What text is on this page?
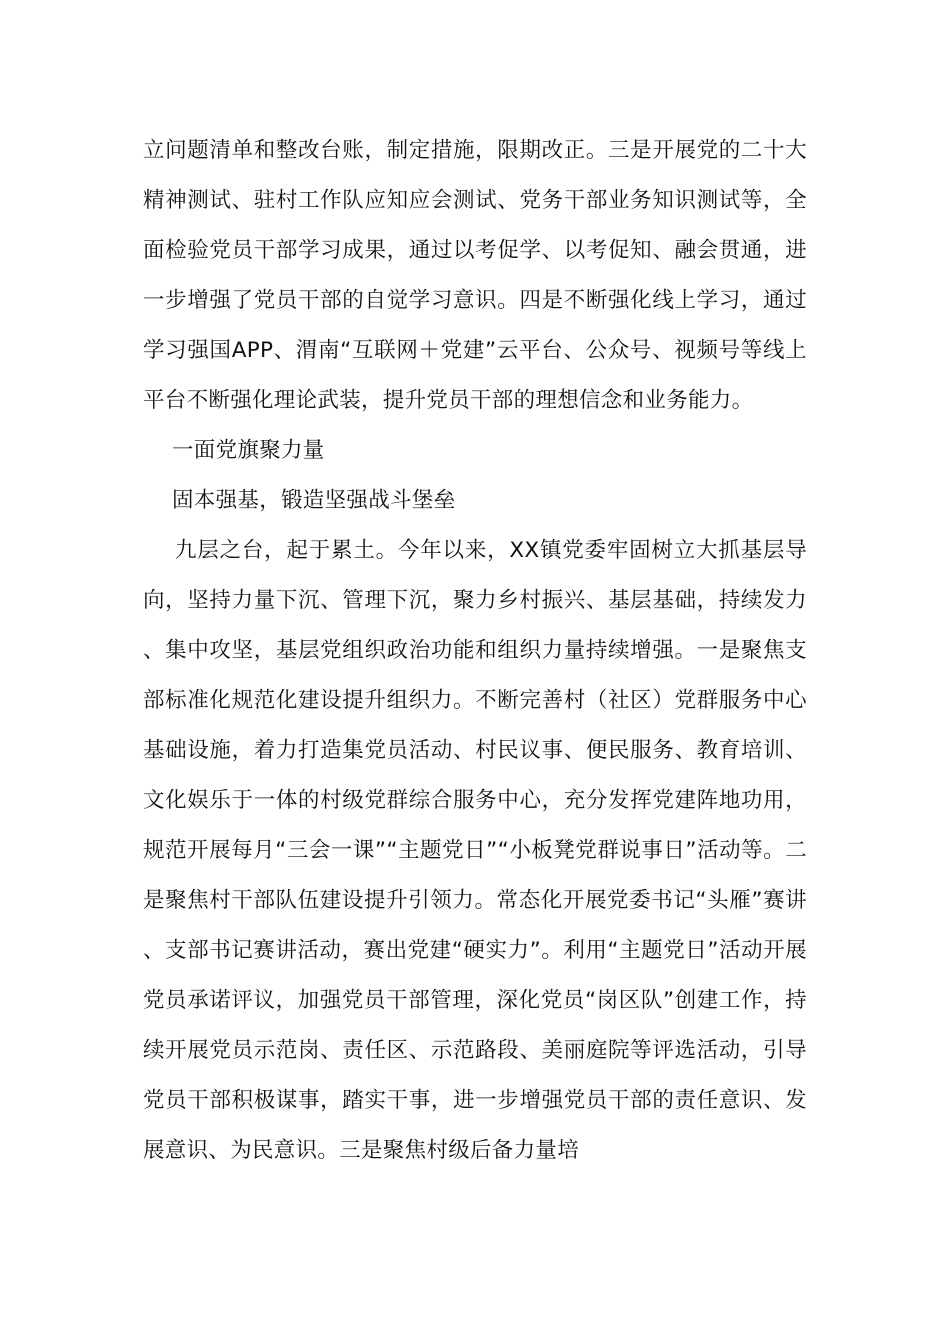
立问题清单和整改台账，制定措施，限期改正。三是开展党的二十大精神测试、驻村工作队应知应会测试、党务干部业务知识测试等，全面检验党员干部学习成果，通过以考促学、以考促知、融会贯通，进一步增强了党员干部的自觉学习意识。四是不断强化线上学习，通过学习强国APP、渭南“互联网＋党建”云平台、公众号、视频号等线上平台不断强化理论武装，提升党员干部的理想信念和业务能力。

一面党旗聚力量

固本强基，锻造坚强战斗堡垒

九层之台，起于累土。今年以来，XX镇党委牢固树立大抓基层导向，坚持力量下沉、管理下沉，聚力乡村振兴、基层基础，持续发力、集中攻坚，基层党组织政治功能和组织力量持续增强。一是聚焦支部标准化规范化建设提升组织力。不断完善村（社区）党群服务中心基础设施，着力打造集党员活动、村民议事、便民服务、教育培训、文化娱乐于一体的村级党群综合服务中心，充分发挥党建阵地功用，规范开展每月“三会一课”“主题党日”“小板凳党群说事日”活动等。二是聚焦村干部队伍建设提升引领力。常态化开展党委书记“头雁”赛讲、支部书记赛讲活动，赛出党建“硬实力”。利用“主题党日”活动开展党员承诺评议，加强党员干部管理，深化党员“岗区队”创建工作，持续开展党员示范岗、责任区、示范路段、美丽庭院等评选活动，引导党员干部积极谋事，踏实干事，进一步增强党员干部的责任意识、发展意识、为民意识。三是聚焦村级后备力量培
